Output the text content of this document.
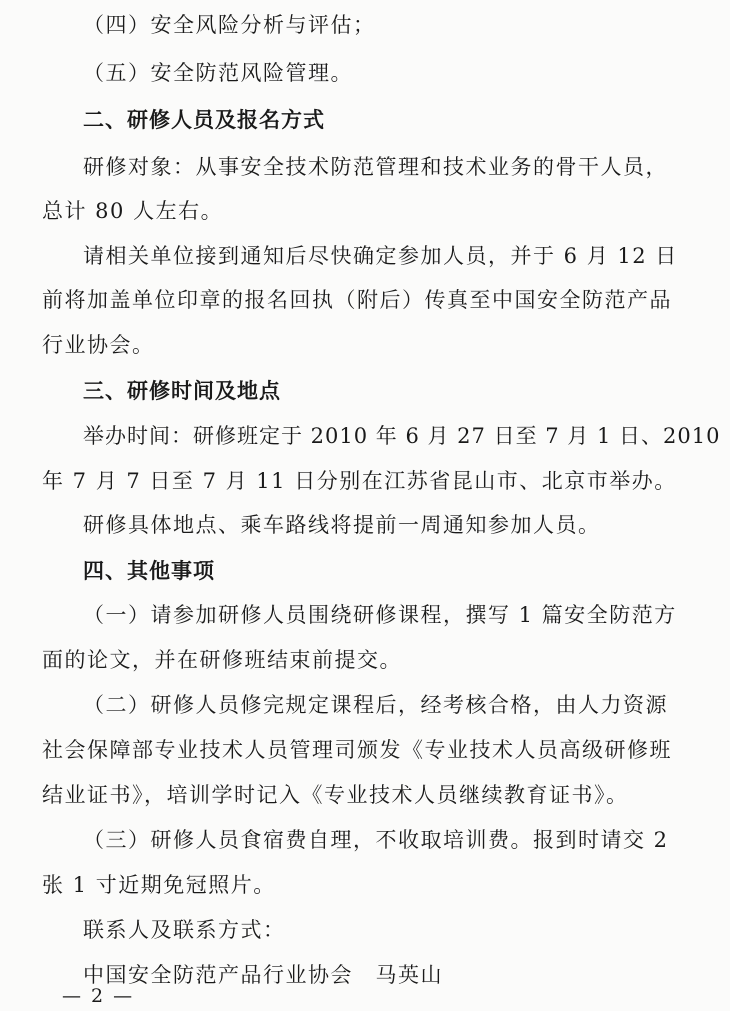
（四）安全风险分析与评估；
（五）安全防范风险管理。
二、研修人员及报名方式
研修对象：从事安全技术防范管理和技术业务的骨干人员，
总计 80 人左右。
请相关单位接到通知后尽快确定参加人员，并于 6 月 12 日
前将加盖单位印章的报名回执（附后）传真至中国安全防范产品
行业协会。
三、研修时间及地点
举办时间：研修班定于 2010 年 6 月 27 日至 7 月 1 日、2010
年 7 月 7 日至 7 月 11 日分别在江苏省昆山市、北京市举办。
研修具体地点、乘车路线将提前一周通知参加人员。
四、其他事项
（一）请参加研修人员围绕研修课程，撰写 1 篇安全防范方
面的论文，并在研修班结束前提交。
（二）研修人员修完规定课程后，经考核合格，由人力资源
社会保障部专业技术人员管理司颁发《专业技术人员高级研修班
结业证书》，培训学时记入《专业技术人员继续教育证书》。
（三）研修人员食宿费自理，不收取培训费。报到时请交 2
张 1 寸近期免冠照片。
联系人及联系方式：
中国安全防范产品行业协会　马英山
— 2 —
